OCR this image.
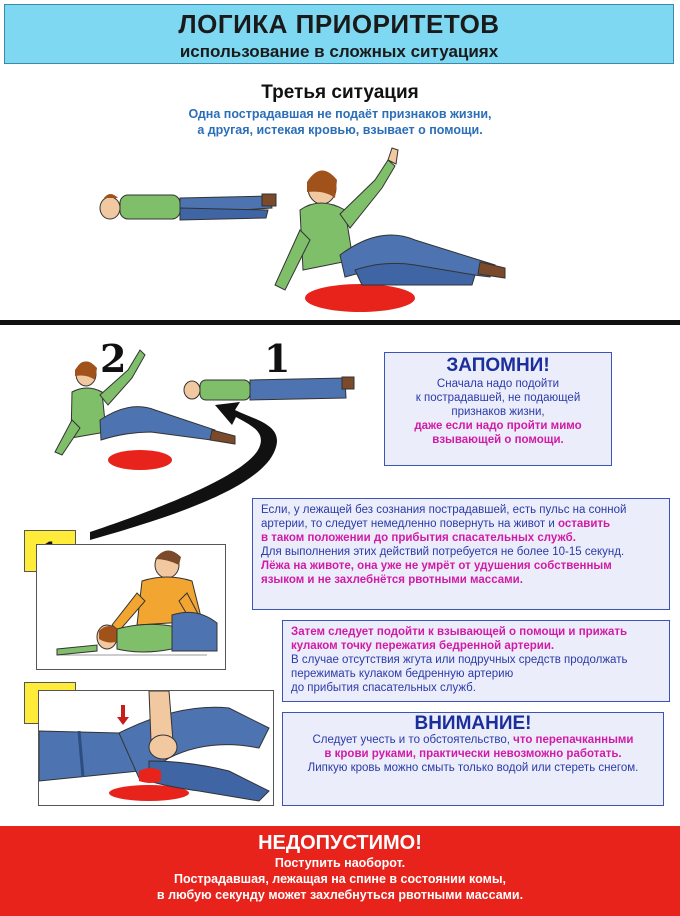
ЛОГИКА ПРИОРИТЕТОВ
использование в сложных ситуациях
Третья ситуация
Одна пострадавшая не подаёт признаков жизни,
а другая, истекая кровью, взывает о помощи.
2	1	ЗАПОМНИ!
Сначала надо подойти
к пострадавшей, не подающей
признаков жизни,
даже если надо пройти мимо
взывающей о помощи.
Если, у лежащей без сознания пострадавшей, есть пульс на сонной
артерии, то следует немедленно повернуть на живот и оставить
в таком положении до прибытия спасательных служб.
Для выполнения этих действий потребуется не более 10-15 секунд.
Лёжа на животе, она уже не умрёт от удушения собственным
языком и не захлебнётся рвотными массами.
Затем следует подойти к взывающей о помощи и прижать
кулаком точку пережатия бедренной артерии.
В случае отсутствия жгута или подручных средств продолжать
пережимать кулаком бедренную артерию
до прибытия спасательных служб.
ВНИМАНИЕ!
Следует учесть и то обстоятельство, что перепачканными
в крови руками, практически невозможно работать.
Липкую кровь можно смыть только водой или стереть снегом.
НЕДОПУСТИМО!
Поступить наоборот.
Пострадавшая, лежащая на спине в состоянии комы,
в любую секунду может захлебнуться рвотными массами.
